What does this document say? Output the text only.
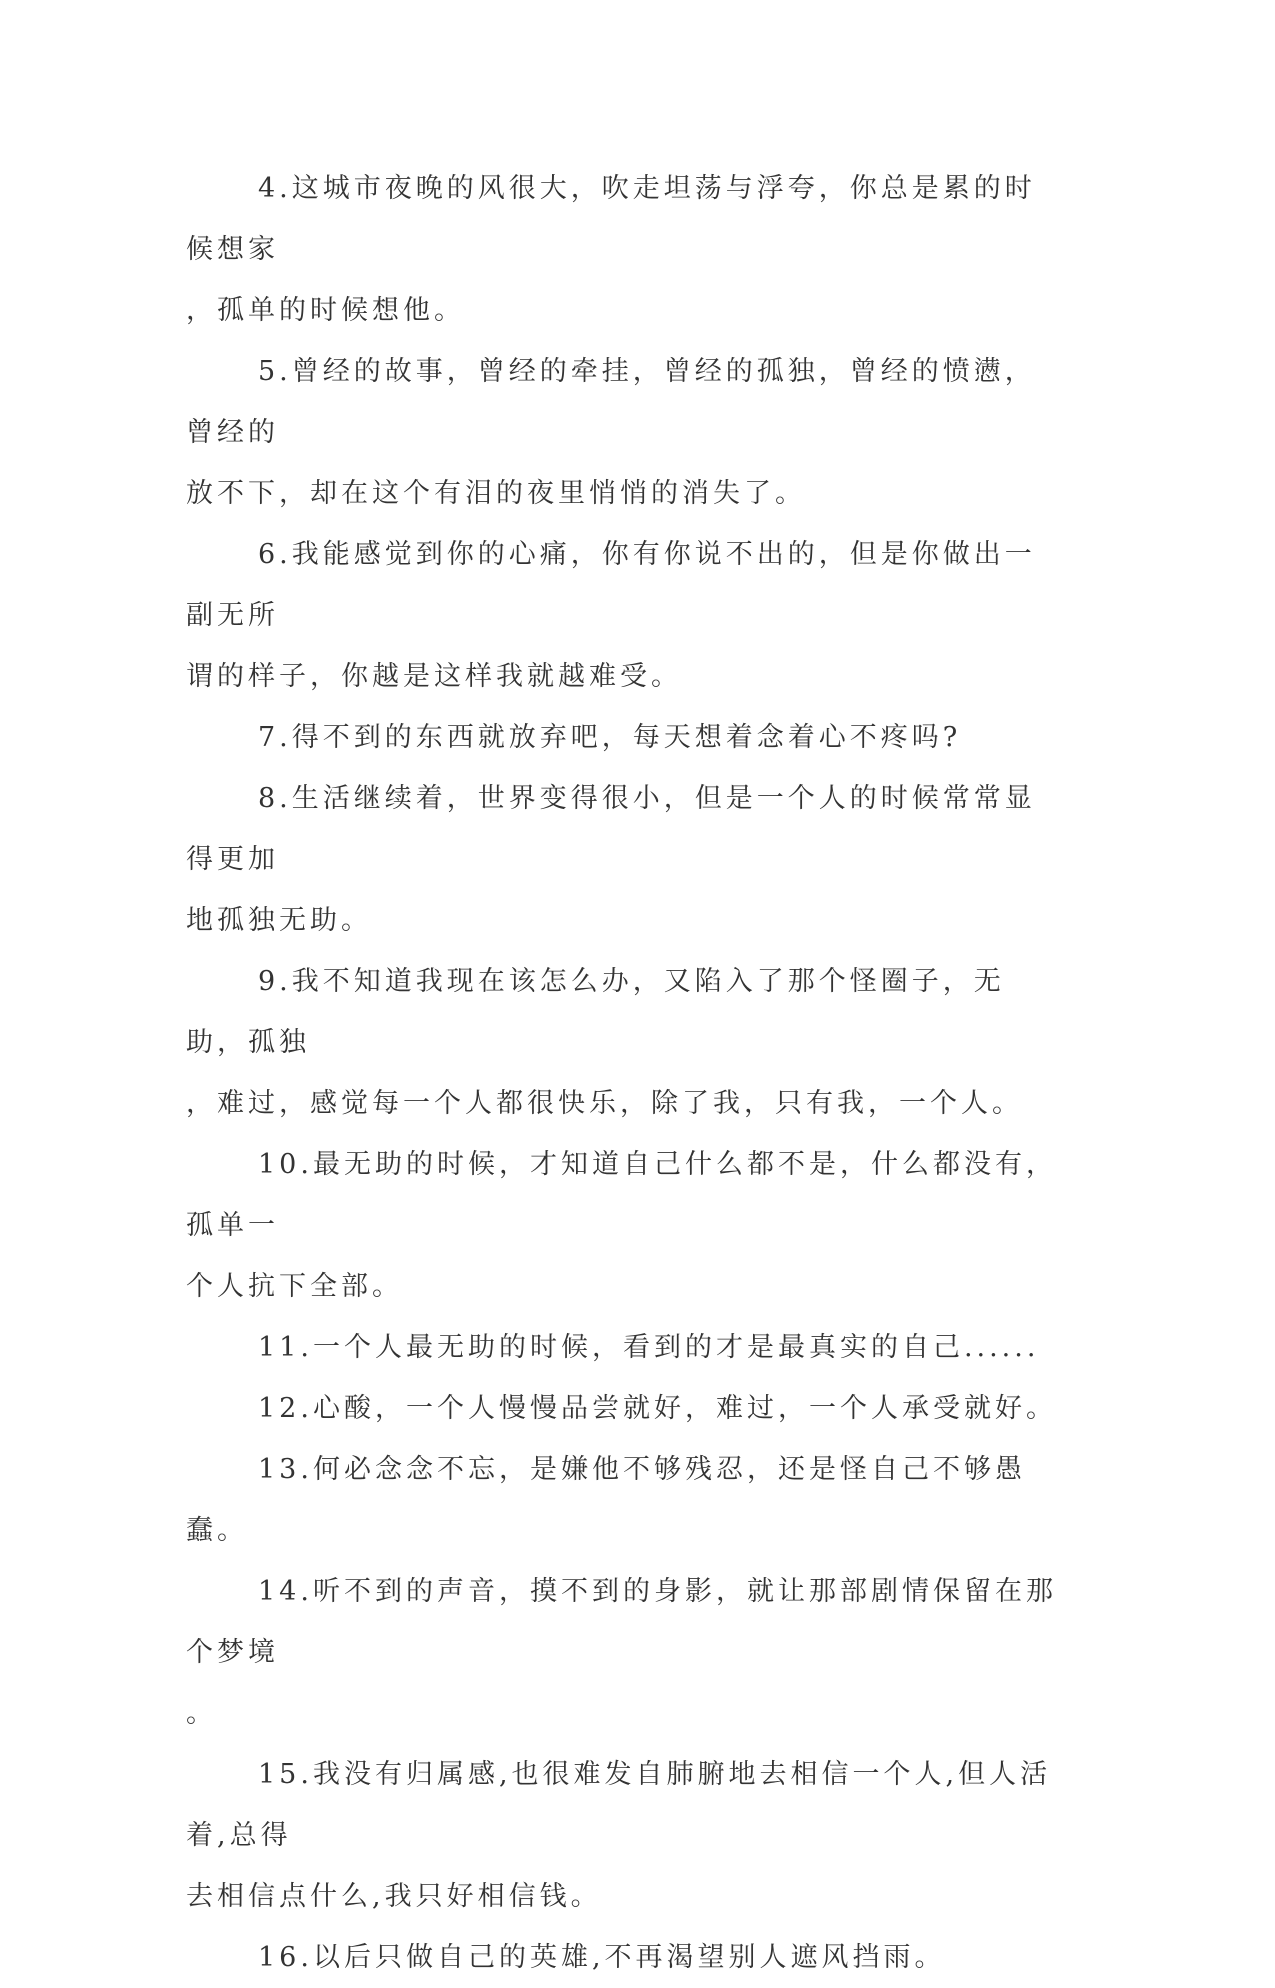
4.这城市夜晚的风很大，吹走坦荡与浮夸，你总是累的时候想家
，孤单的时候想他。

5.曾经的故事，曾经的牵挂，曾经的孤独，曾经的愤懑，曾经的
放不下，却在这个有泪的夜里悄悄的消失了。

6.我能感觉到你的心痛，你有你说不出的，但是你做出一副无所
谓的样子，你越是这样我就越难受。

7.得不到的东西就放弃吧，每天想着念着心不疼吗?

8.生活继续着，世界变得很小，但是一个人的时候常常显得更加
地孤独无助。

9.我不知道我现在该怎么办，又陷入了那个怪圈子，无助，孤独
，难过，感觉每一个人都很快乐，除了我，只有我，一个人。

10.最无助的时候，才知道自己什么都不是，什么都没有，孤单一
个人抗下全部。

11.一个人最无助的时候，看到的才是最真实的自己......

12.心酸，一个人慢慢品尝就好，难过，一个人承受就好。

13.何必念念不忘，是嫌他不够残忍，还是怪自己不够愚蠢。

14.听不到的声音，摸不到的身影，就让那部剧情保留在那个梦境
。

15.我没有归属感,也很难发自肺腑地去相信一个人,但人活着,总得
去相信点什么,我只好相信钱。

16.以后只做自己的英雄,不再渴望别人遮风挡雨。
